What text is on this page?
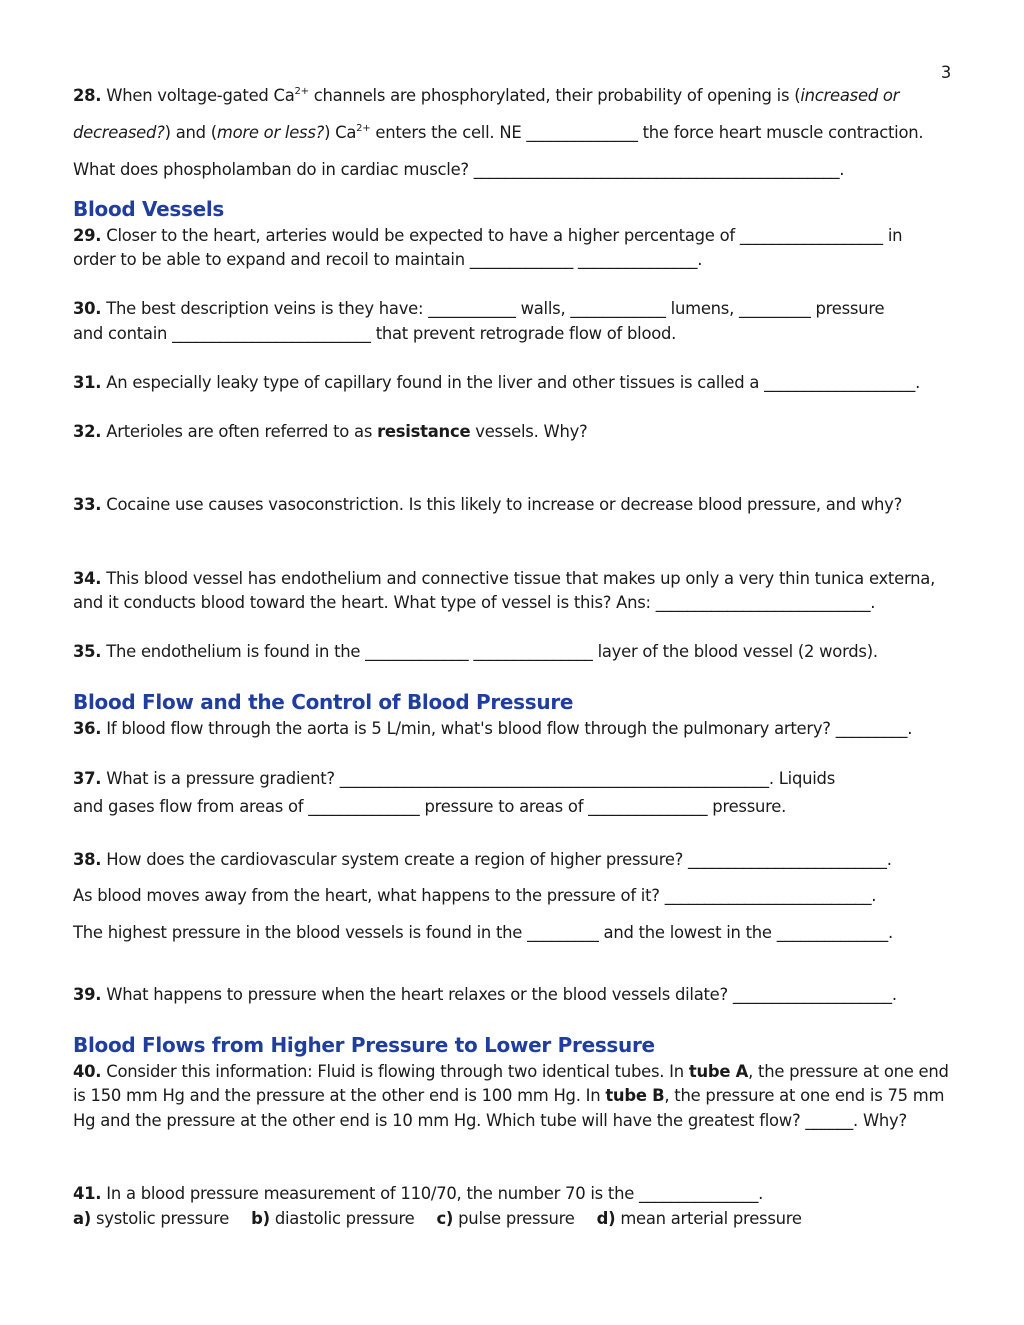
3
28. When voltage-gated $Ca^{2+}$ channels are phosphorylated, their probability of opening is (increased or
decreased?) and (more or less?) $Ca^{2+}$ enters the cell. NE ______________ the force heart muscle contraction.
What does phospholamban do in cardiac muscle? ______________________________________________.
Blood Vessels
29. Closer to the heart, arteries would be expected to have a higher percentage of __________________ in
order to be able to expand and recoil to maintain _____________ _______________.
30. The best description veins is they have: ___________ walls, ____________ lumens, _________ pressure
and contain _________________________ that prevent retrograde flow of blood.
31. An especially leaky type of capillary found in the liver and other tissues is called a ___________________.
32. Arterioles are often referred to as resistance vessels. Why?
33. Cocaine use causes vasoconstriction. Is this likely to increase or decrease blood pressure, and why?
34. This blood vessel has endothelium and connective tissue that makes up only a very thin tunica externa,
and it conducts blood toward the heart. What type of vessel is this? Ans: ___________________________.
35. The endothelium is found in the _____________ _______________ layer of the blood vessel (2 words).
Blood Flow and the Control of Blood Pressure
36. If blood flow through the aorta is 5 L/min, what's blood flow through the pulmonary artery? _________.
37. What is a pressure gradient? ______________________________________________________. Liquids
and gases flow from areas of ______________ pressure to areas of _______________ pressure.
38. How does the cardiovascular system create a region of higher pressure? _________________________.
As blood moves away from the heart, what happens to the pressure of it? __________________________.
The highest pressure in the blood vessels is found in the _________ and the lowest in the ______________.
39. What happens to pressure when the heart relaxes or the blood vessels dilate? ____________________.
Blood Flows from Higher Pressure to Lower Pressure
40. Consider this information: Fluid is flowing through two identical tubes. In tube A, the pressure at one end
is 150 mm Hg and the pressure at the other end is 100 mm Hg. In tube B, the pressure at one end is 75 mm
Hg and the pressure at the other end is 10 mm Hg. Which tube will have the greatest flow? ______. Why?
41. In a blood pressure measurement of 110/70, the number 70 is the _______________.
a) systolic pressure b) diastolic pressure c) pulse pressure d) mean arterial pressure
